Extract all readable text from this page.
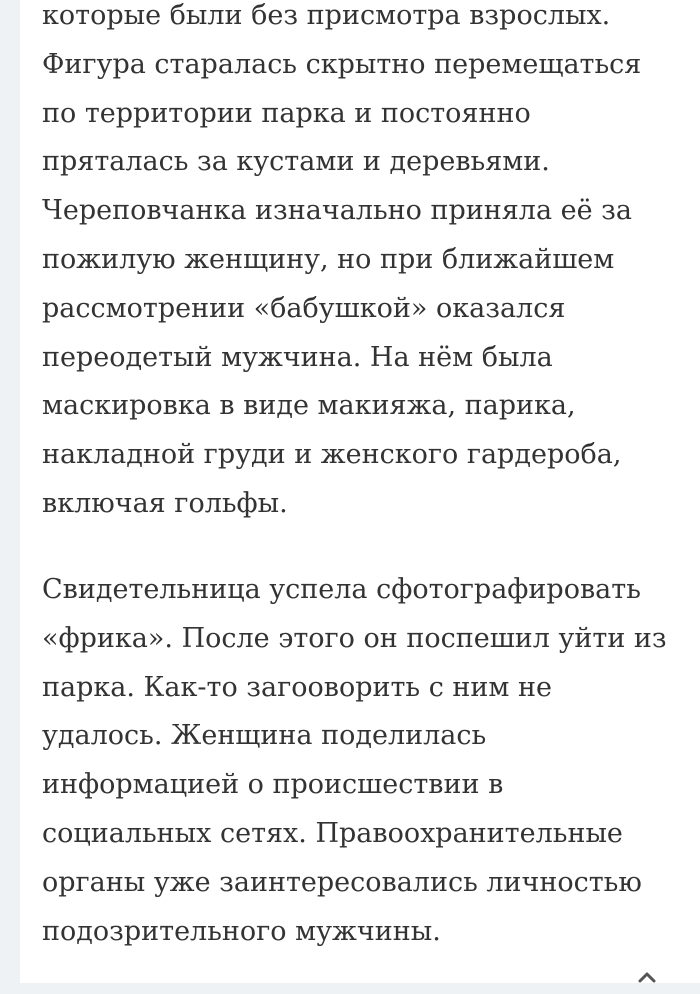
которые были без присмотра взрослых.
Фигура старалась скрытно перемещаться
по территории парка и постоянно
пряталась за кустами и деревьями.
Череповчанка изначально приняла её за
пожилую женщину, но при ближайшем
рассмотрении «бабушкой» оказался
переодетый мужчина. На нём была
маскировка в виде макияжа, парика,
накладной груди и женского гардероба,
включая гольфы.

Свидетельница успела сфотографировать
«фрика». После этого он поспешил уйти из
парка. Как-то загоовoрить с ним не
удалось. Женщина поделилась
информацией о происшествии в
социальных сетях. Правоохранительные
органы уже заинтересовались личностью
подозрительного мужчины.
